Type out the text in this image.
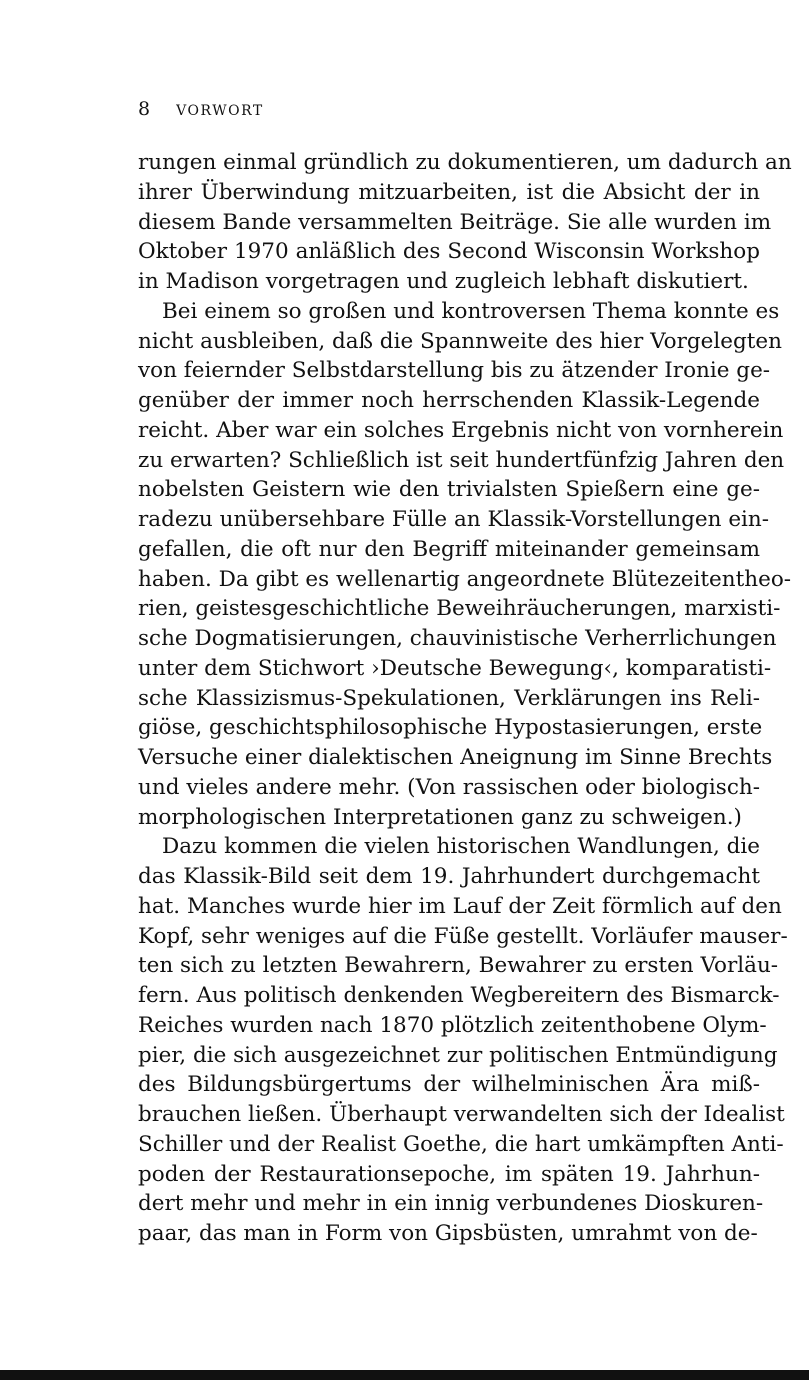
8 VORWORT
rungen einmal gründlich zu dokumentieren, um dadurch an
ihrer Überwindung mitzuarbeiten, ist die Absicht der in
diesem Bande versammelten Beiträge. Sie alle wurden im
Oktober 1970 anläßlich des Second Wisconsin Workshop
in Madison vorgetragen und zugleich lebhaft diskutiert.
Bei einem so großen und kontroversen Thema konnte es
nicht ausbleiben, daß die Spannweite des hier Vorgelegten
von feiernder Selbstdarstellung bis zu ätzender Ironie ge-
genüber der immer noch herrschenden Klassik-Legende
reicht. Aber war ein solches Ergebnis nicht von vornherein
zu erwarten? Schließlich ist seit hundertfünfzig Jahren den
nobelsten Geistern wie den trivialsten Spießern eine ge-
radezu unübersehbare Fülle an Klassik-Vorstellungen ein-
gefallen, die oft nur den Begriff miteinander gemeinsam
haben. Da gibt es wellenartig angeordnete Blütezeitentheo-
rien, geistesgeschichtliche Beweihräucherungen, marxisti-
sche Dogmatisierungen, chauvinistische Verherrlichungen
unter dem Stichwort ›Deutsche Bewegung‹, komparatisti-
sche Klassizismus-Spekulationen, Verklärungen ins Reli-
giöse, geschichtsphilosophische Hypostasierungen, erste
Versuche einer dialektischen Aneignung im Sinne Brechts
und vieles andere mehr. (Von rassischen oder biologisch-
morphologischen Interpretationen ganz zu schweigen.)
Dazu kommen die vielen historischen Wandlungen, die
das Klassik-Bild seit dem 19. Jahrhundert durchgemacht
hat. Manches wurde hier im Lauf der Zeit förmlich auf den
Kopf, sehr weniges auf die Füße gestellt. Vorläufer mauser-
ten sich zu letzten Bewahrern, Bewahrer zu ersten Vorläu-
fern. Aus politisch denkenden Wegbereitern des Bismarck-
Reiches wurden nach 1870 plötzlich zeitenthobene Olym-
pier, die sich ausgezeichnet zur politischen Entmündigung
des Bildungsbürgertums der wilhelminischen Ära miß-
brauchen ließen. Überhaupt verwandelten sich der Idealist
Schiller und der Realist Goethe, die hart umkämpften Anti-
poden der Restaurationsepoche, im späten 19. Jahrhun-
dert mehr und mehr in ein innig verbundenes Dioskuren-
paar, das man in Form von Gipsbüsten, umrahmt von de-
